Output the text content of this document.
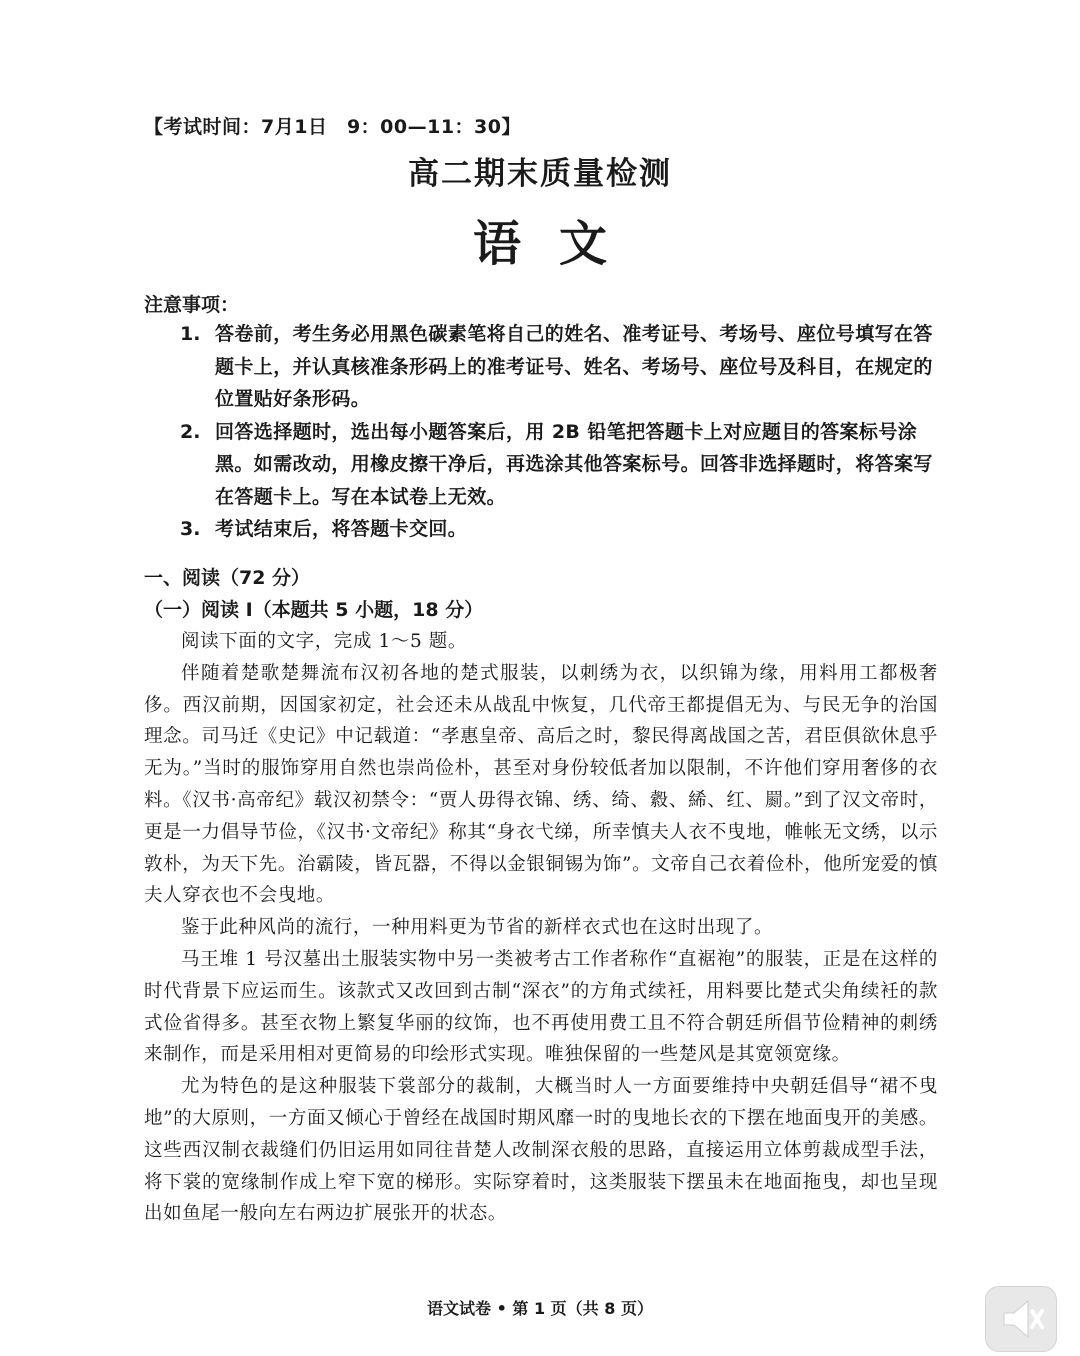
【考试时间：7月1日　9：00—11：30】
高二期末质量检测
语文
注意事项：
1. 答卷前，考生务必用黑色碳素笔将自己的姓名、准考证号、考场号、座位号填写在答题卡上，并认真核准条形码上的准考证号、姓名、考场号、座位号及科目，在规定的位置贴好条形码。
2. 回答选择题时，选出每小题答案后，用 2B 铅笔把答题卡上对应题目的答案标号涂黑。如需改动，用橡皮擦干净后，再选涂其他答案标号。回答非选择题时，将答案写在答题卡上。写在本试卷上无效。
3. 考试结束后，将答题卡交回。
一、阅读（72 分）
（一）阅读 I（本题共 5 小题，18 分）

阅读下面的文字，完成 1～5 题。

伴随着楚歌楚舞流布汉初各地的楚式服装，以刺绣为衣，以织锦为缘，用料用工都极奢侈。西汉前期，因国家初定，社会还未从战乱中恢复，几代帝王都提倡无为、与民无争的治国理念。司马迁《史记》中记载道：“孝惠皇帝、高后之时，黎民得离战国之苦，君臣俱欲休息乎无为。”当时的服饰穿用自然也崇尚俭朴，甚至对身份较低者加以限制，不许他们穿用奢侈的衣料。《汉书·高帝纪》载汉初禁令：“贾人毋得衣锦、绣、绮、縠、絺、红、罽。”到了汉文帝时，更是一力倡导节俭，《汉书·文帝纪》称其“身衣弋绨，所幸慎夫人衣不曳地，帷帐无文绣，以示敦朴，为天下先。治霸陵，皆瓦器，不得以金银铜锡为饰”。文帝自己衣着俭朴，他所宠爱的慎夫人穿衣也不会曳地。

鉴于此种风尚的流行，一种用料更为节省的新样衣式也在这时出现了。

马王堆 1 号汉墓出土服装实物中另一类被考古工作者称作“直裾袍”的服装，正是在这样的时代背景下应运而生。该款式又改回到古制“深衣”的方角式续衽，用料要比楚式尖角续衽的款式俭省得多。甚至衣物上繁复华丽的纹饰，也不再使用费工且不符合朝廷所倡节俭精神的刺绣来制作，而是采用相对更简易的印绘形式实现。唯独保留的一些楚风是其宽领宽缘。

尤为特色的是这种服装下裳部分的裁制，大概当时人一方面要维持中央朝廷倡导“裙不曳地”的大原则，一方面又倾心于曾经在战国时期风靡一时的曳地长衣的下摆在地面曳开的美感。这些西汉制衣裁缝们仍旧运用如同往昔楚人改制深衣般的思路，直接运用立体剪裁成型手法，将下裳的宽缘制作成上窄下宽的梯形。实际穿着时，这类服装下摆虽未在地面拖曳，却也呈现出如鱼尾一般向左右两边扩展张开的状态。

语文试卷 • 第 1 页（共 8 页）
